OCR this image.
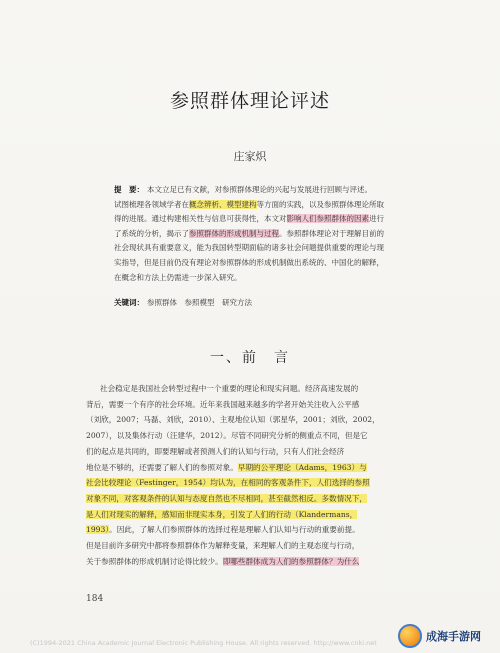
参照群体理论评述
庄家炽
提　要： 本文立足已有文献，对参照群体理论的兴起与发展进行回顾与评述。
试图梳理各领域学者在概念辨析、模型建构等方面的实践，以及参照群体理论所取
得的进展。通过构建相关性与信息可获得性，本文对影响人们参照群体的因素进行
了系统的分析，揭示了参照群体的形成机制与过程。参照群体理论对于理解目前的
社会现状具有重要意义，能为我国转型期面临的诸多社会问题提供重要的理论与现
实指导，但是目前仍没有理论对参照群体的形成机制做出系统的、中国化的解释，
在概念和方法上仍需进一步深入研究。
关键词： 参照群体　参照模型　研究方法
一、前　言
社会稳定是我国社会转型过程中一个重要的理论和现实问题。经济高速发展的
背后，需要一个有序的社会环境。近年来我国越来越多的学者开始关注收入公平感
（刘欣，2007；马磊、刘欣，2010）、主观地位认知（郭星华，2001；刘欣，2002，
2007），以及集体行动（汪建华，2012）。尽管不同研究分析的侧重点不同，但是它
们的起点是共同的，即要理解或者预测人们的认知与行动，只有人们社会经济
地位是不够的，还需要了解人们的参照对象。早期的公平理论（Adams，1963）与
社会比较理论（Festinger，1954）均认为，在相同的客观条件下，人们选择的参照
对象不同，对客观条件的认知与态度自然也不尽相同，甚至截然相反。多数情况下，
是人们对现实的解释，感知而非现实本身，引发了人们的行动（Klandermans，
1993）。因此，了解人们参照群体的选择过程是理解人们认知与行动的重要前提。
但是目前许多研究中都将参照群体作为解释变量，来理解人们的主观态度与行动，
关于参照群体的形成机制讨论得比较少。即哪些群体成为人们的参照群体？为什么
184
(C)1994-2021 China Academic Journal Electronic Publishing House. All rights reserved. http://www.cnki.net	成海手游网
